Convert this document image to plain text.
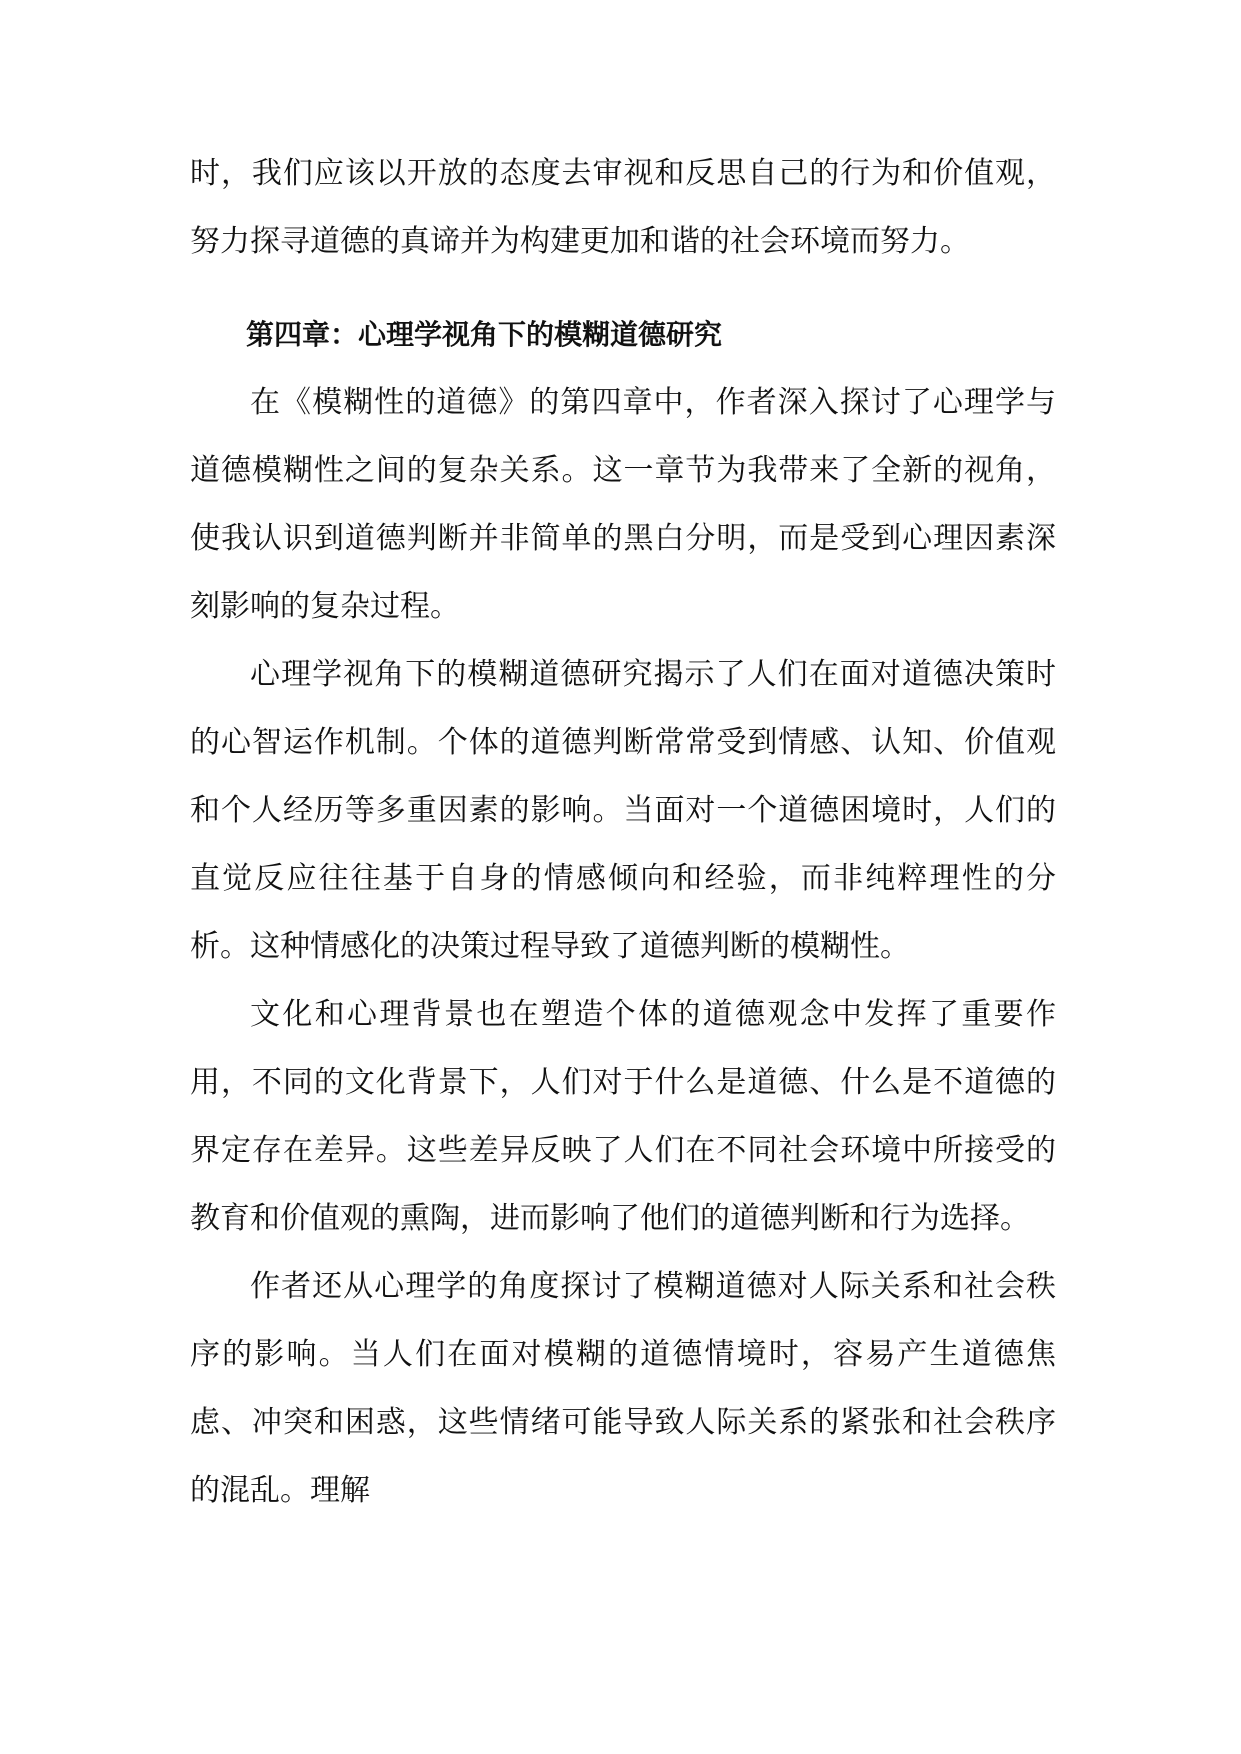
时，我们应该以开放的态度去审视和反思自己的行为和价值观，努力探寻道德的真谛并为构建更加和谐的社会环境而努力。

第四章：心理学视角下的模糊道德研究

在《模糊性的道德》的第四章中，作者深入探讨了心理学与道德模糊性之间的复杂关系。这一章节为我带来了全新的视角，使我认识到道德判断并非简单的黑白分明，而是受到心理因素深刻影响的复杂过程。

心理学视角下的模糊道德研究揭示了人们在面对道德决策时的心智运作机制。个体的道德判断常常受到情感、认知、价值观和个人经历等多重因素的影响。当面对一个道德困境时，人们的直觉反应往往基于自身的情感倾向和经验，而非纯粹理性的分析。这种情感化的决策过程导致了道德判断的模糊性。

文化和心理背景也在塑造个体的道德观念中发挥了重要作用，不同的文化背景下，人们对于什么是道德、什么是不道德的界定存在差异。这些差异反映了人们在不同社会环境中所接受的教育和价值观的熏陶，进而影响了他们的道德判断和行为选择。

作者还从心理学的角度探讨了模糊道德对人际关系和社会秩序的影响。当人们在面对模糊的道德情境时，容易产生道德焦虑、冲突和困惑，这些情绪可能导致人际关系的紧张和社会秩序的混乱。理解
